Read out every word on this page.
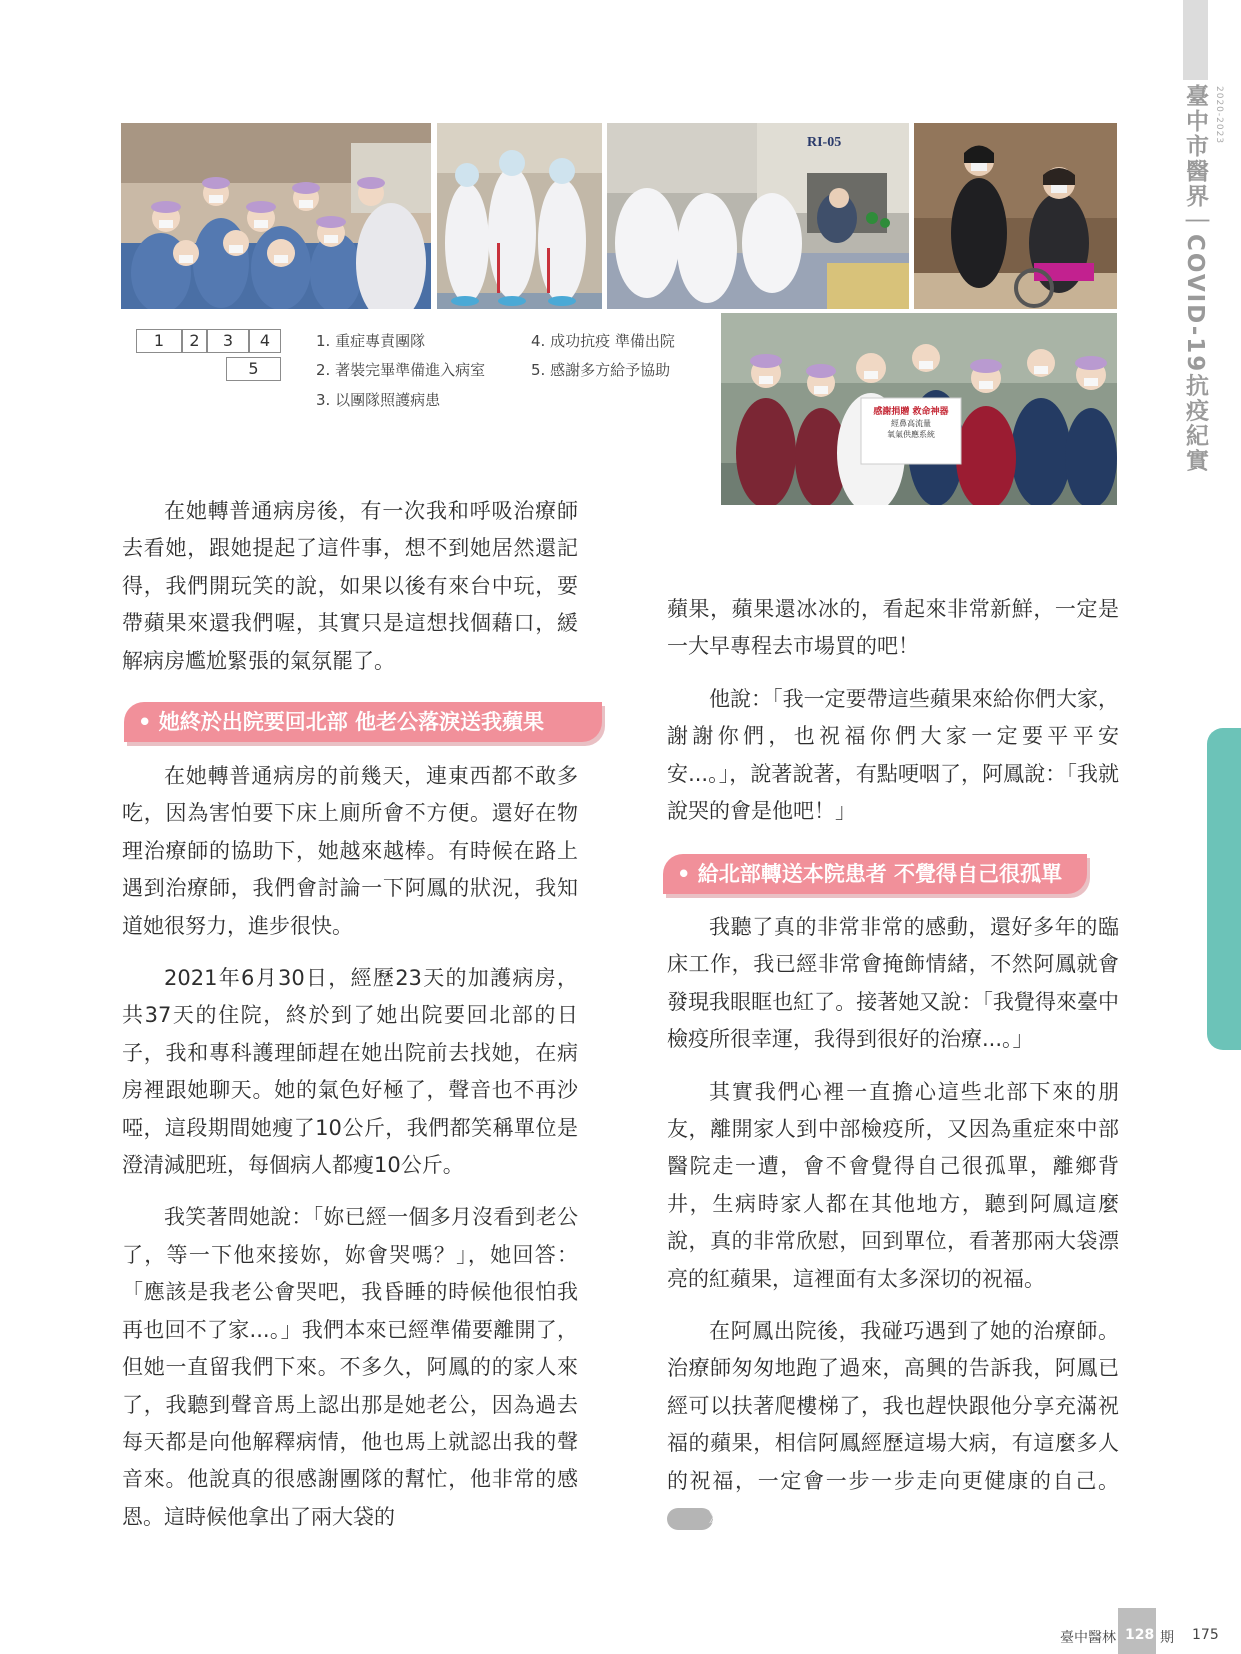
臺中市醫界｜COVID-19抗疫紀實 2020-2023
RI-05
感謝捐贈 救命神器
經鼻高流量
氧氣供應系統
1	2	3	4
5
1. 重症專責團隊
2. 著裝完畢準備進入病室
3. 以團隊照護病患
4. 成功抗疫 準備出院
5. 感謝多方給予協助

在她轉普通病房後，有一次我和呼吸治療師去看她，跟她提起了這件事，想不到她居然還記得，我們開玩笑的說，如果以後有來台中玩，要帶蘋果來還我們喔，其實只是這想找個藉口，緩解病房尷尬緊張的氣氛罷了。

• 她終於出院要回北部 他老公落淚送我蘋果

在她轉普通病房的前幾天，連東西都不敢多吃，因為害怕要下床上廁所會不方便。還好在物理治療師的協助下，她越來越棒。有時候在路上遇到治療師，我們會討論一下阿鳳的狀況，我知道她很努力，進步很快。

2021年6月30日，經歷23天的加護病房，共37天的住院，終於到了她出院要回北部的日子，我和專科護理師趕在她出院前去找她，在病房裡跟她聊天。她的氣色好極了，聲音也不再沙啞，這段期間她瘦了10公斤，我們都笑稱單位是澄清減肥班，每個病人都瘦10公斤。

我笑著問她說：「妳已經一個多月沒看到老公了，等一下他來接妳，妳會哭嗎？」，她回答：「應該是我老公會哭吧，我昏睡的時候他很怕我再也回不了家...。」我們本來已經準備要離開了，但她一直留我們下來。不多久，阿鳳的的家人來了，我聽到聲音馬上認出那是她老公，因為過去每天都是向他解釋病情，他也馬上就認出我的聲音來。他說真的很感謝團隊的幫忙，他非常的感恩。這時候他拿出了兩大袋的

蘋果，蘋果還冰冰的，看起來非常新鮮，一定是一大早專程去市場買的吧！

他說：「我一定要帶這些蘋果來給你們大家，謝謝你們，也祝福你們大家一定要平平安安...。」，說著說著，有點哽咽了，阿鳳說：「我就說哭的會是他吧！」

• 給北部轉送本院患者 不覺得自己很孤單

我聽了真的非常非常的感動，還好多年的臨床工作，我已經非常會掩飾情緒，不然阿鳳就會發現我眼眶也紅了。接著她又說：「我覺得來臺中檢疫所很幸運，我得到很好的治療...。」

其實我們心裡一直擔心這些北部下來的朋友，離開家人到中部檢疫所，又因為重症來中部醫院走一遭，會不會覺得自己很孤單，離鄉背井，生病時家人都在其他地方，聽到阿鳳這麼說，真的非常欣慰，回到單位，看著那兩大袋漂亮的紅蘋果，這裡面有太多深切的祝福。

在阿鳳出院後，我碰巧遇到了她的治療師。治療師匆匆地跑了過來，高興的告訴我，阿鳳已經可以扶著爬樓梯了，我也趕快跟他分享充滿祝福的蘋果，相信阿鳳經歷這場大病，有這麼多人的祝福，一定會一步一步走向更健康的自己。》》》

臺中醫林 128 期 175
